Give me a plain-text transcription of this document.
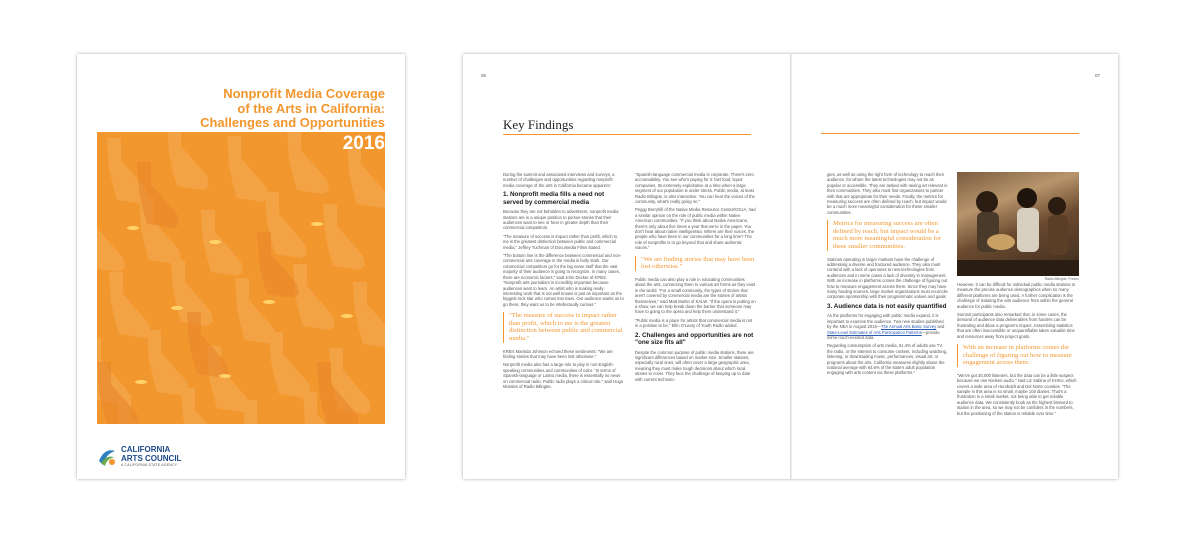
Nonprofit Media Coverage
of the Arts in California:
Challenges and Opportunities
2016
CALIFORNIA
ARTS COUNCIL
A CALIFORNIA STATE AGENCY
06	07
Key Findings

During the summit and associated interviews and surveys, a number of challenges and opportunities regarding nonprofit media coverage of the arts in California became apparent:

1. Nonprofit media fills a need not served by commercial media

Because they are not beholden to advertisers, nonprofit media stations are in a unique position to pursue stories that their audiences want to see or hear in greater depth than their commercial competitors.

"The measure of success is impact rather than profit, which to me is the greatest distinction between public and commercial media," Jeffrey Tuchman of Documedia Films stated.

"The bottom line is the difference between commercial and non-commercial arts coverage in the media is fairly stark. Our commercial competitors go for the big name stuff that the vast majority of their audience is going to recognize. In many cases, there are economic factors," said John Decker of KPBS. "Nonprofit arts journalism is incredibly important because audiences want to learn. An artist who is making really interesting work that is not well known is just as important as the biggest rock star who comes into town. Our audience wants us to go there; they want us to be intellectually curious."

"The measure of success is impact rather than profit, which to me is the greatest distinction between public and commercial media."

KRB's Marinda Johnson echoed these sentiments: "We are finding stories that may have been lost otherwise."

Nonprofit media also has a large role to play in non-English-speaking communities and communities of color. "In terms of Spanish-language or Latino media, there is essentially no news on commercial radio. Public radio plays a critical role," said Hugo Morales of Radio Bilingüe.

"Spanish-language commercial media is corporate. There's zero accountability. You see who's paying for it: fast food, liquor companies. Its extremely exploitative at a time when a large segment of our population is under stress. Public media, at least Radio Bilingüe, is also interactive. You can hear the voices of the community, what's really going on."

Peggy Berryhill of the Native Media Resource Center/KGUA, had a similar opinion on the role of public media within Native American communities. "If you think about Native Americans, there's only about five times a year that we're in the paper. You don't hear about native intelligentsia. Where are their voices, the people who have been in our communities for a long time? The role of nonprofits is to go beyond that and share authentic voices."

"We are finding stories that may have been lost otherwise."

Public media can also play a role in educating communities about the arts, connecting them to various art forms as they exist in the world. "For a small community, the types of stories that aren't covered by commercial media are the stories of artists themselves," said Matt Martin of KALW. "If the opera is putting on a show, we can help break down the barrier that someone may have to going to the opera and help them understand it."

"Public media is a place for artists that commercial media is not in a position to be," Ellin O'Leary of Youth Radio added.

2. Challenges and opportunities are not "one size fits all"

Despite the common purpose of public media stations, there are significant differences based on market size. Smaller stations, especially rural ones, will often cover a large geographic area, meaning they must make tough decisions about which local stories to cover. They face the challenge of keeping up to date with current technolo-

gies, as well as using the right form of technology to reach their audience, for whom the latest technologies may not be as popular or accessible. They are tasked with raising art relevant in their communities. They also must find organizations to partner with that are appropriate for their needs. Finally, the metrics for measuring success are often defined by reach, but impact would be a much more meaningful consideration for these smaller communities.

Metrics for measuring success are often defined by reach, but impact would be a much more meaningful consideration for these smaller communities.

Stations operating in larger markets have the challenge of addressing a diverse and fractured audience. They also must contend with a lack of openness to new technologies from audiences and in some cases a lack of diversity in management. With an increase in platforms comes the challenge of figuring out how to measure engagement across them. Since they may have many funding sources, large market organizations must reconcile corporate sponsorship with their programmatic values and goals.

3. Audience data is not easily quantified

As the platforms for engaging with public media expand, it is important to examine the audience. Two new studies published by the NEA in August 2016—The Annual Arts Basic Survey and State-Level Estimates of Arts Participation Patterns—provide some much-needed data.

Regarding consumption of arts media, 61.4% of adults use TV, the radio, or the Internet to consume content, including watching, listening, or downloading music, performances, visual art, or programs about the arts. California measures slightly above the national average with 64.6% of the state's adult population engaging with arts content via these platforms.*

Radio Bilingüe, Fresno

However, it can be difficult for individual public media stations to measure the precise audience demographics when so many different platforms are being used. A further complication is the challenge of isolating the arts audience from within the general audience for public media.

Summit participants also remarked that, in some cases, the demand of audience data deliverables from funders can be frustrating and dilute a program's impact. Assembling statistics that are often inaccessible or unquantifiable takes valuable time and resources away from project goals.

With an increase in platforms comes the challenge of figuring out how to measure engagement across them.

"We've got 30,000 listeners, but the data can be a little suspect because we use Nielsen audio," said Liz Sabina of KHSU, which covers a wide area of Humboldt and Del Norte counties. "The sample in this area is so small, maybe 100 diaries. That's a frustration in a small market, not being able to get reliable audience data. We consistently book as the highest listened to station in the area, so we may not be confident in the numbers, but the positioning of the station is reliable over time."
